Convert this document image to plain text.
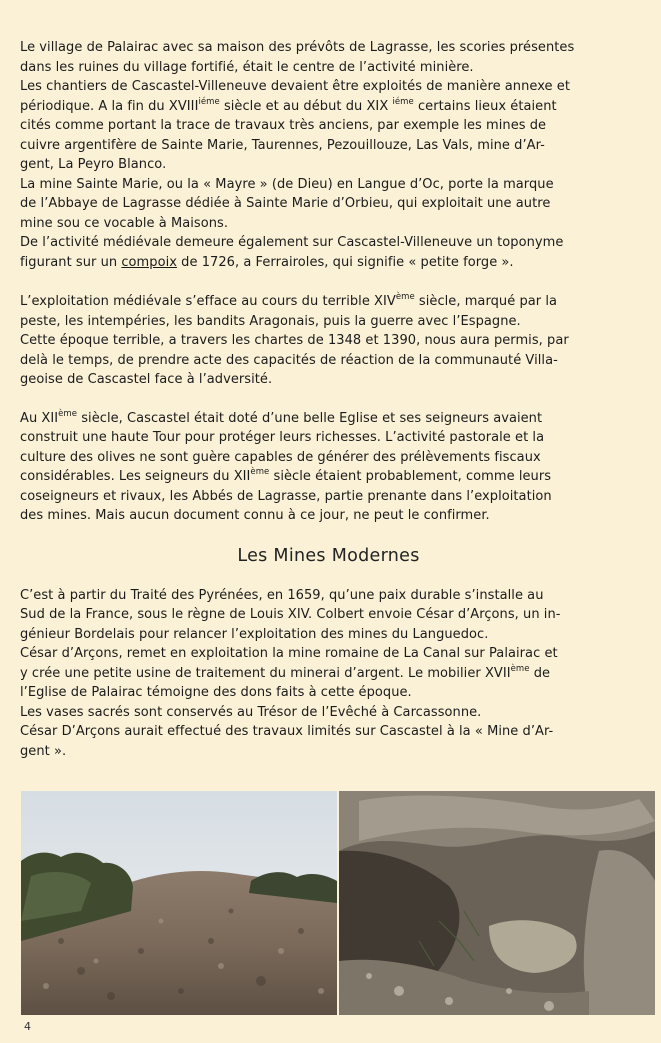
Le village de Palairac avec sa maison des prévôts de Lagrasse, les scories présentes
dans les ruines du village fortifié, était le centre de l’activité minière.
Les chantiers de Cascastel-Villeneuve devaient être exploités de manière annexe et
périodique. A la fin du $XVIII^{iéme}$ siècle et au début du XIX $^{iéme}$ certains lieux étaient
cités comme portant la trace de travaux très anciens, par exemple les mines de
cuivre argentifère de Sainte Marie, Taurennes, Pezouillouze, Las Vals, mine d’Ar-
gent, La Peyro Blanco.
La mine Sainte Marie, ou la « Mayre » (de Dieu) en Langue d’Oc, porte la marque
de l’Abbaye de Lagrasse dédiée à Sainte Marie d’Orbieu, qui exploitait une autre
mine sou ce vocable à Maisons.
De l’activité médiévale demeure également sur Cascastel-Villeneuve un toponyme
figurant sur un compoix de 1726, a Ferrairoles, qui signifie « petite forge ».

L’exploitation médiévale s’efface au cours du terrible XIVème siècle, marqué par la
peste, les intempéries, les bandits Aragonais, puis la guerre avec l’Espagne.
Cette époque terrible, a travers les chartes de 1348 et 1390, nous aura permis, par
delà le temps, de prendre acte des capacités de réaction de la communauté Villa-
geoise de Cascastel face à l’adversité.

Au XIIème siècle, Cascastel était doté d’une belle Eglise et ses seigneurs avaient
construit une haute Tour pour protéger leurs richesses. L’activité pastorale et la
culture des olives ne sont guère capables de générer des prélèvements fiscaux
considérables. Les seigneurs du XIIème siècle étaient probablement, comme leurs
coseigneurs et rivaux, les Abbés de Lagrasse, partie prenante dans l’exploitation
des mines. Mais aucun document connu à ce jour, ne peut le confirmer.

Les Mines Modernes

C’est à partir du Traité des Pyrénées, en 1659, qu’une paix durable s’installe au
Sud de la France, sous le règne de Louis XIV. Colbert envoie César d’Arçons, un in-
génieur Bordelais pour relancer l’exploitation des mines du Languedoc.
César d’Arçons, remet en exploitation la mine romaine de La Canal sur Palairac et
y crée une petite usine de traitement du minerai d’argent. Le mobilier XVIIème de
l’Eglise de Palairac témoigne des dons faits à cette époque.
Les vases sacrés sont conservés au Trésor de l’Evêché à Carcassonne.
César D’Arçons aurait effectué des travaux limités sur Cascastel à la « Mine d’Ar-
gent ».

4
